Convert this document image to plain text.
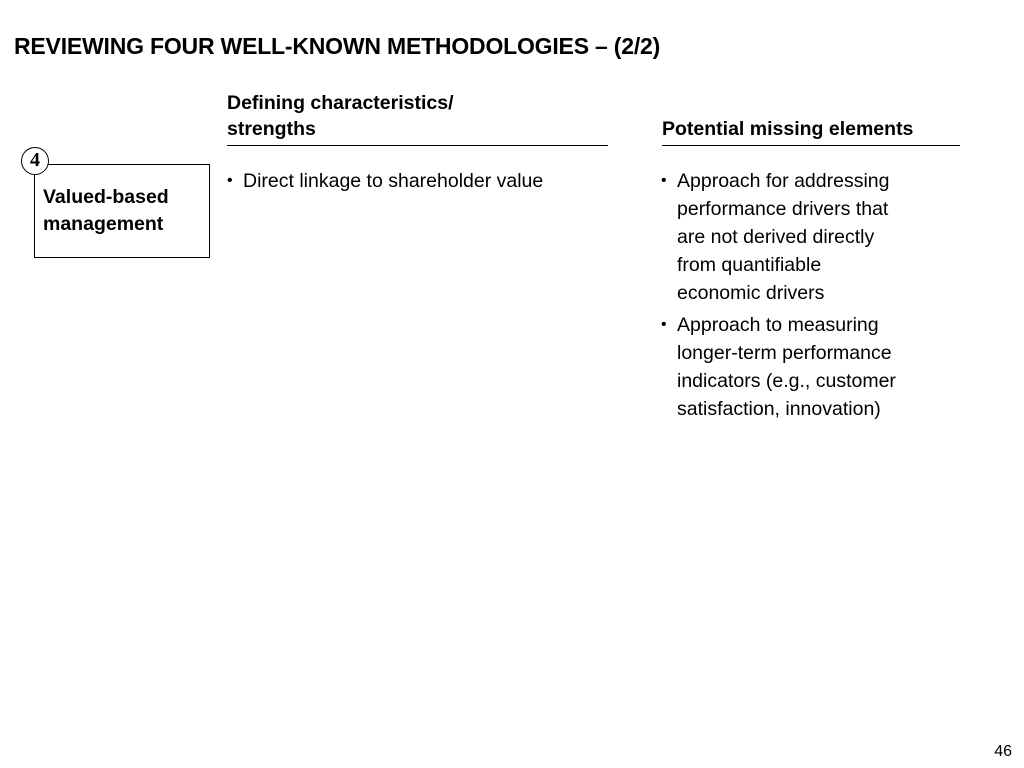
REVIEWING FOUR WELL-KNOWN METHODOLOGIES – (2/2)
Defining characteristics/
strengths	Potential missing elements
Valued-based
management
4
• Direct linkage to shareholder value	• Approach for addressing
performance drivers that
are not derived directly
from quantifiable
economic drivers
• Approach to measuring
longer-term performance
indicators (e.g., customer
satisfaction, innovation)
46
